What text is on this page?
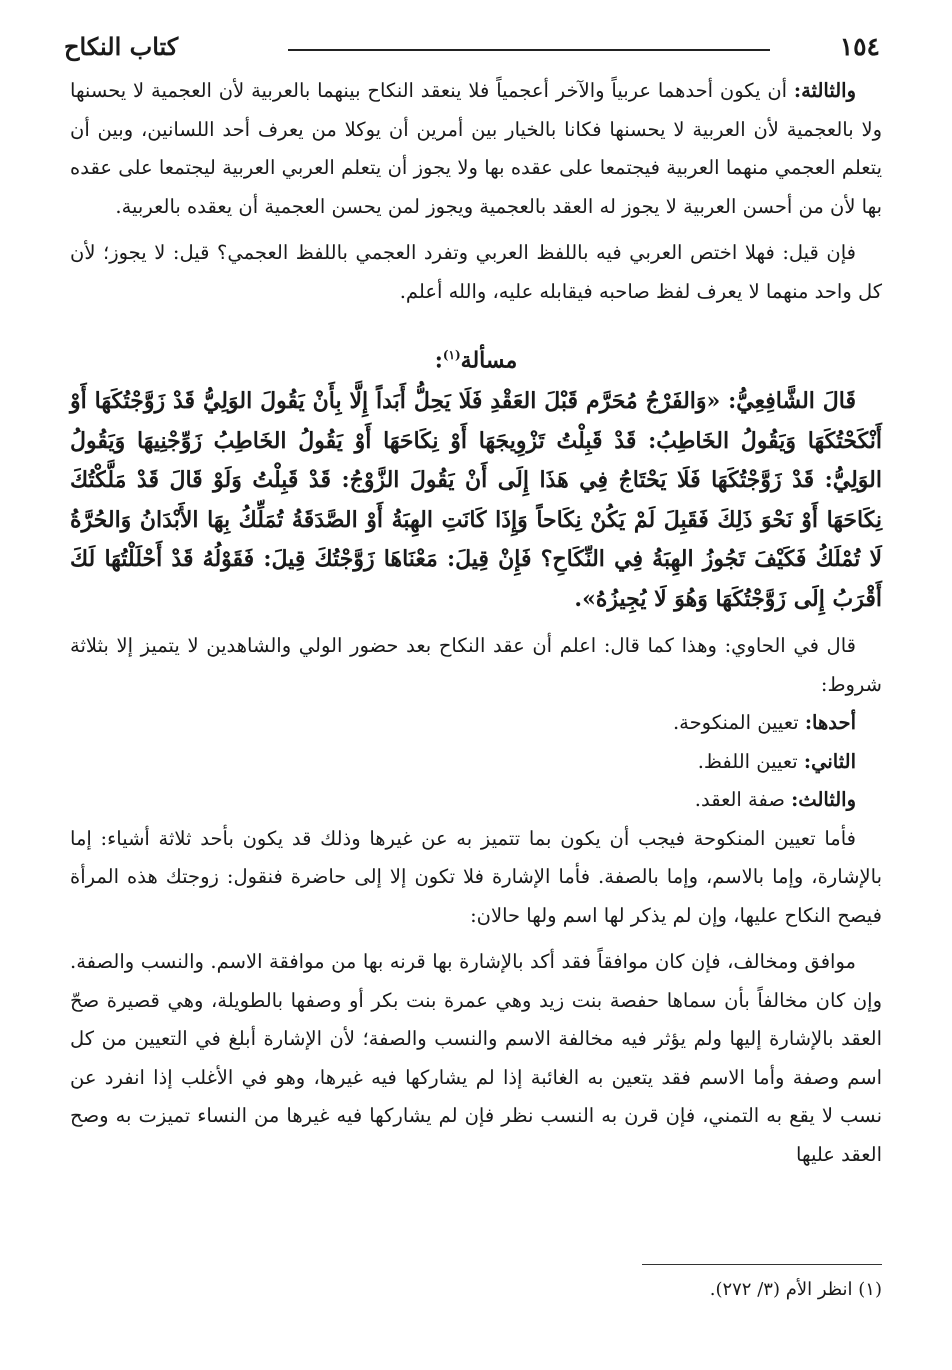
١٥٤
كتاب النكاح

والثالثة: أن يكون أحدهما عربياً والآخر أعجمياً فلا ينعقد النكاح بينهما بالعربية لأن العجمية لا يحسنها ولا بالعجمية لأن العربية لا يحسنها فكانا بالخيار بين أمرين أن يوكلا من يعرف أحد اللسانين، وبين أن يتعلم العجمي منهما العربية فيجتمعا على عقده بها ولا يجوز أن يتعلم العربي العربية ليجتمعا على عقده بها لأن من أحسن العربية لا يجوز له العقد بالعجمية ويجوز لمن يحسن العجمية أن يعقده بالعربية.

فإن قيل: فهلا اختص العربي فيه باللفظ العربي وتفرد العجمي باللفظ العجمي؟ قيل: لا يجوز؛ لأن كل واحد منهما لا يعرف لفظ صاحبه فيقابله عليه، والله أعلم.

مسألة$^{(١)}$:

قَالَ الشَّافِعِيُّ: «وَالفَرْجُ مُحَرَّم قَبْلَ العَقْدِ فَلَا يَحِلُّ أَبَداً إِلَّا بِأَنْ يَقُولَ الوَلِيُّ قَدْ زَوَّجْتُكَهَا أَوْ أَنْكَحْتُكَهَا وَيَقُولُ الخَاطِبُ: قَدْ قَبِلْتُ تَزْوِيجَهَا أَوْ نِكَاحَهَا أَوْ يَقُولُ الخَاطِبُ زَوِّجْنِيهَا وَيَقُولُ الوَلِيُّ: قَدْ زَوَّجْتُكَهَا فَلَا يَحْتَاجُ فِي هَذَا إِلَى أَنْ يَقُولَ الزَّوْجُ: قَدْ قَبِلْتُ وَلَوْ قَالَ قَدْ مَلَّكْتُكَ نِكَاحَهَا أَوْ نَحْوَ ذَلِكَ فَقَبِلَ لَمْ يَكُنْ نِكَاحاً وَإِذَا كَانَتِ الهِبَةُ أَوْ الصَّدَقَةُ تُمَلِّكُ بِهَا الأَبْدَانُ وَالحُرَّةُ لَا تُمْلَكُ فَكَيْفَ تَجُوزُ الهِبَةُ فِي النِّكَاحِ؟ فَإِنْ قِيلَ: مَعْنَاهَا زَوَّجْتُكَ قِيلَ: فَقَوْلُهُ قَدْ أَحْلَلْتُهَا لَكَ أَقْرَبُ إِلَى زَوَّجْتُكَهَا وَهُوَ لَا يُجِيزُهُ».

قال في الحاوي: وهذا كما قال: اعلم أن عقد النكاح بعد حضور الولي والشاهدين لا يتميز إلا بثلاثة شروط:

أحدها: تعيين المنكوحة.

الثاني: تعيين اللفظ.

والثالث: صفة العقد.

فأما تعيين المنكوحة فيجب أن يكون بما تتميز به عن غيرها وذلك قد يكون بأحد ثلاثة أشياء: إما بالإشارة، وإما بالاسم، وإما بالصفة. فأما الإشارة فلا تكون إلا إلى حاضرة فنقول: زوجتك هذه المرأة فيصح النكاح عليها، وإن لم يذكر لها اسم ولها حالان:

موافق ومخالف، فإن كان موافقاً فقد أكد بالإشارة بها قرنه بها من موافقة الاسم. والنسب والصفة. وإن كان مخالفاً بأن سماها حفصة بنت زيد وهي عمرة بنت بكر أو وصفها بالطويلة، وهي قصيرة صحّ العقد بالإشارة إليها ولم يؤثر فيه مخالفة الاسم والنسب والصفة؛ لأن الإشارة أبلغ في التعيين من كل اسم وصفة وأما الاسم فقد يتعين به الغائبة إذا لم يشاركها فيه غيرها، وهو في الأغلب إذا انفرد عن نسب لا يقع به التمني، فإن قرن به النسب نظر فإن لم يشاركها فيه غيرها من النساء تميزت به وصح العقد عليها

(١) انظر الأم (٣/ ٢٧٢).
